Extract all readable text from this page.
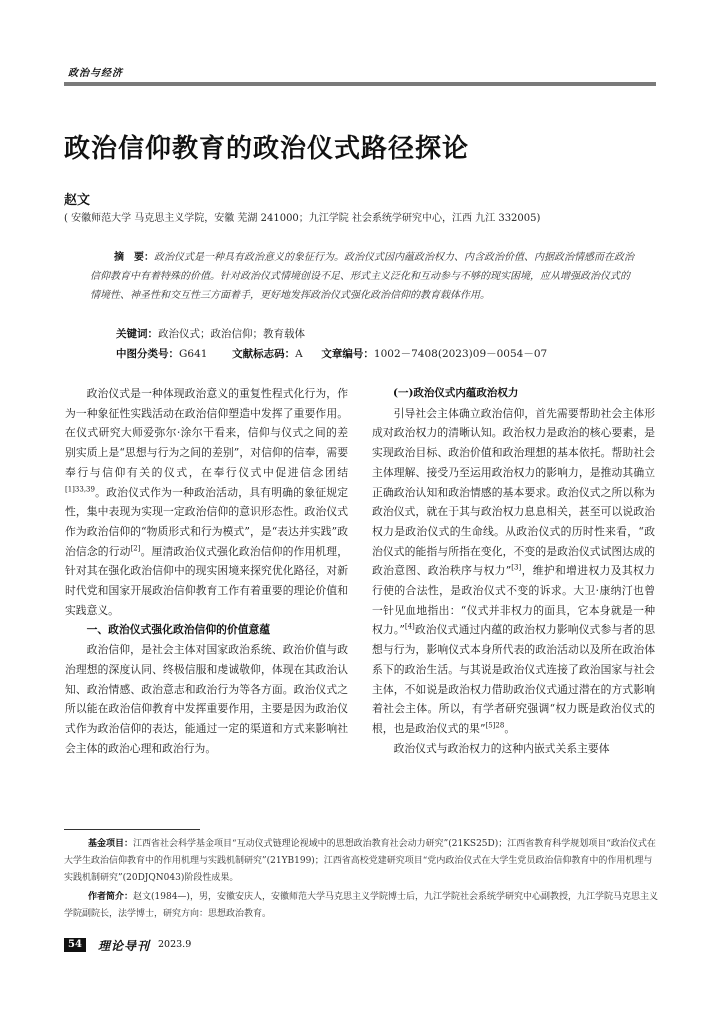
政治与经济
政治信仰教育的政治仪式路径探论
赵文
( 安徽师范大学 马克思主义学院，安徽 芜湖 241000；九江学院 社会系统学研究中心，江西 九江 332005)
摘　要：政治仪式是一种具有政治意义的象征行为。政治仪式因内蕴政治权力、内含政治价值、内据政治情感而在政治信仰教育中有着特殊的价值。针对政治仪式情境创设不足、形式主义泛化和互动参与不够的现实困境，应从增强政治仪式的情境性、神圣性和交互性三方面着手，更好地发挥政治仪式强化政治信仰的教育载体作用。
关键词：政治仪式；政治信仰；教育载体
中图分类号：G641 文献标志码：A 文章编号：1002－7408(2023)09－0054－07

政治仪式是一种体现政治意义的重复性程式化行为，作为一种象征性实践活动在政治信仰塑造中发挥了重要作用。在仪式研究大师爱弥尔·涂尔干看来，信仰与仪式之间的差别实质上是“思想与行为之间的差别”，对信仰的信奉，需要奉行与信仰有关的仪式，在奉行仪式中促进信念团结$^{[1]33,39}$。政治仪式作为一种政治活动，具有明确的象征规定性，集中表现为实现一定政治信仰的意识形态性。政治仪式作为政治信仰的“物质形式和行为模式”，是“表达并实践”政治信念的行动[2]。厘清政治仪式强化政治信仰的作用机理，针对其在强化政治信仰中的现实困境来探究优化路径，对新时代党和国家开展政治信仰教育工作有着重要的理论价值和实践意义。

一、政治仪式强化政治信仰的价值意蕴

政治信仰，是社会主体对国家政治系统、政治价值与政治理想的深度认同、终极信服和虔诚敬仰，体现在其政治认知、政治情感、政治意志和政治行为等各方面。政治仪式之所以能在政治信仰教育中发挥重要作用，主要是因为政治仪式作为政治信仰的表达，能通过一定的渠道和方式来影响社会主体的政治心理和政治行为。

(一)政治仪式内蕴政治权力

引导社会主体确立政治信仰，首先需要帮助社会主体形成对政治权力的清晰认知。政治权力是政治的核心要素，是实现政治目标、政治价值和政治理想的基本依托。帮助社会主体理解、接受乃至运用政治权力的影响力，是推动其确立正确政治认知和政治情感的基本要求。政治仪式之所以称为政治仪式，就在于其与政治权力息息相关，甚至可以说政治权力是政治仪式的生命线。从政治仪式的历时性来看，“政治仪式的能指与所指在变化，不变的是政治仪式试图达成的政治意图、政治秩序与权力”[3]，维护和增进权力及其权力行使的合法性，是政治仪式不变的诉求。大卫·康纳汀也曾一针见血地指出：“仪式并非权力的面具，它本身就是一种权力。”[4]政治仪式通过内蕴的政治权力影响仪式参与者的思想与行为，影响仪式本身所代表的政治活动以及所在政治体系下的政治生活。与其说是政治仪式连接了政治国家与社会主体，不如说是政治权力借助政治仪式通过潜在的方式影响着社会主体。所以，有学者研究强调“权力既是政治仪式的根，也是政治仪式的果”$^{[5]28}$。

政治仪式与政治权力的这种内嵌式关系主要体

基金项目：江西省社会科学基金项目“互动仪式链理论视域中的思想政治教育社会动力研究”(21KS25D)；江西省教育科学规划项目“政治仪式在大学生政治信仰教育中的作用机理与实践机制研究”(21YB199)；江西省高校党建研究项目“党内政治仪式在大学生党员政治信仰教育中的作用机理与实践机制研究”(20DJQN043)阶段性成果。
作者简介：赵文(1984—)，男，安徽安庆人，安徽师范大学马克思主义学院博士后，九江学院社会系统学研究中心副教授，九江学院马克思主义学院副院长，法学博士，研究方向：思想政治教育。
54	理论导刊 2023.9
